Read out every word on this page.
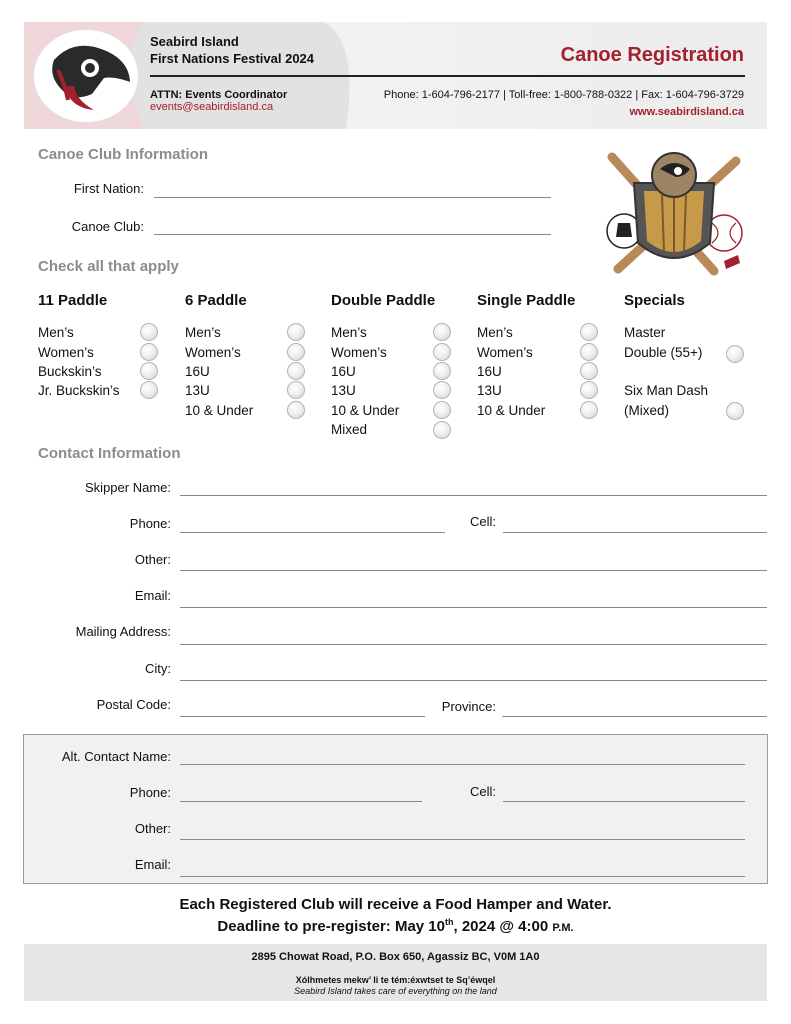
Seabird Island
First Nations Festival 2024	Canoe Registration
ATTN: Events Coordinator
events@seabirdisland.ca
Phone: 1-604-796-2177 | Toll-free: 1-800-788-0322 | Fax: 1-604-796-3729
www.seabirdisland.ca
Canoe Club Information
First Nation:
Canoe Club:
Check all that apply
11 Paddle	6 Paddle	Double Paddle	Single Paddle	Specials
Men’s
Women’s
Buckskin’s
Jr. Buckskin’s
Men’s
Women’s
16U
13U
10 & Under
Men’s
Women’s
16U
13U
10 & Under
Mixed
Men’s
Women’s
16U
13U
10 & Under
Master
Double (55+)
Six Man Dash
(Mixed)
Contact Information
Skipper Name:
Phone:	Cell:
Other:
Email:
Mailing Address:
City:
Postal Code:	Province:
Alt. Contact Name:
Phone:	Cell:
Other:
Email:
Each Registered Club will receive a Food Hamper and Water.
Deadline to pre-register: May 10th, 2024 @ 4:00 P.M.
2895 Chowat Road, P.O. Box 650, Agassiz BC, V0M 1A0
Xólhmetes mekw’ li te tém:éxwtset te Sq’éwqel
Seabird Island takes care of everything on the land
